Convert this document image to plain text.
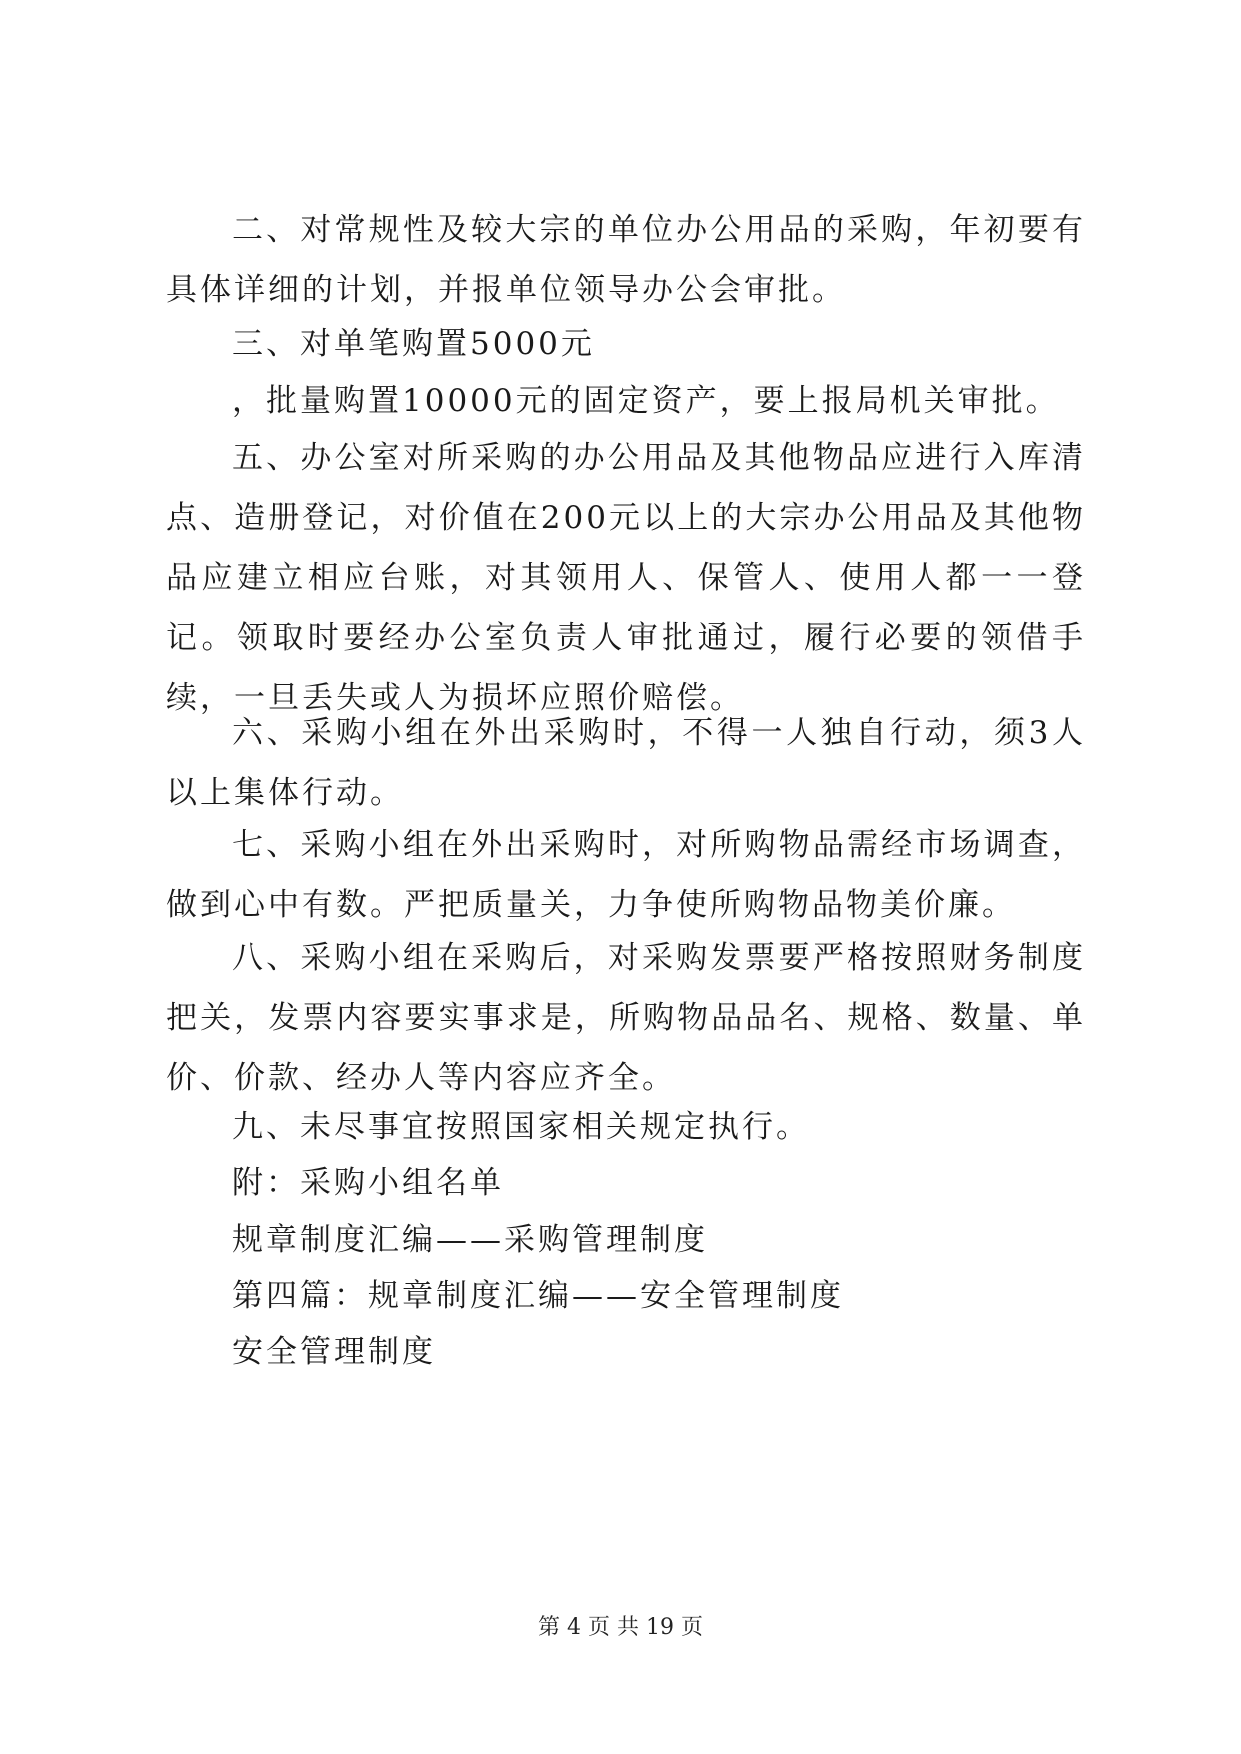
二、对常规性及较大宗的单位办公用品的采购，年初要有具体详细的计划，并报单位领导办公会审批。

三、对单笔购置5000元

，批量购置10000元的固定资产，要上报局机关审批。

五、办公室对所采购的办公用品及其他物品应进行入库清点、造册登记，对价值在200元以上的大宗办公用品及其他物品应建立相应台账，对其领用人、保管人、使用人都一一登记。领取时要经办公室负责人审批通过，履行必要的领借手续，一旦丢失或人为损坏应照价赔偿。

六、采购小组在外出采购时，不得一人独自行动，须3人以上集体行动。

七、采购小组在外出采购时，对所购物品需经市场调查，做到心中有数。严把质量关，力争使所购物品物美价廉。

八、采购小组在采购后，对采购发票要严格按照财务制度把关，发票内容要实事求是，所购物品品名、规格、数量、单价、价款、经办人等内容应齐全。

九、未尽事宜按照国家相关规定执行。

附：采购小组名单

规章制度汇编——采购管理制度

第四篇：规章制度汇编——安全管理制度

安全管理制度

第 4 页 共 19 页
